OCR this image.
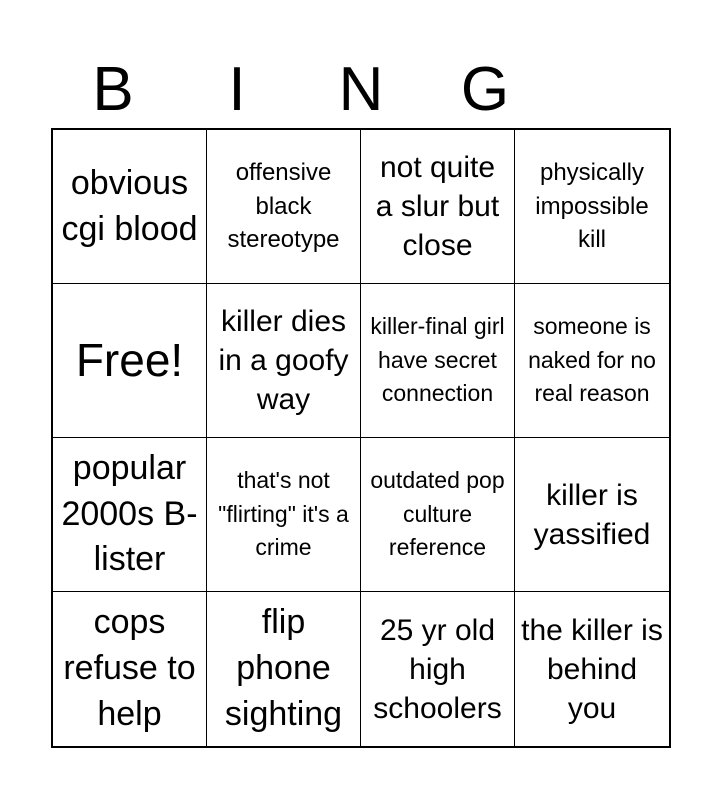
B	I	N	G
obvious cgi blood
offensive black stereotype
not quite a slur but close
physically impossible kill
Free!
killer dies in a goofy way
killer-final girl have secret connection
someone is naked for no real reason
popular 2000s B-lister
that's not "flirting" it's a crime
outdated pop culture reference
killer is yassified
cops refuse to help
flip phone sighting
25 yr old high schoolers
the killer is behind you
